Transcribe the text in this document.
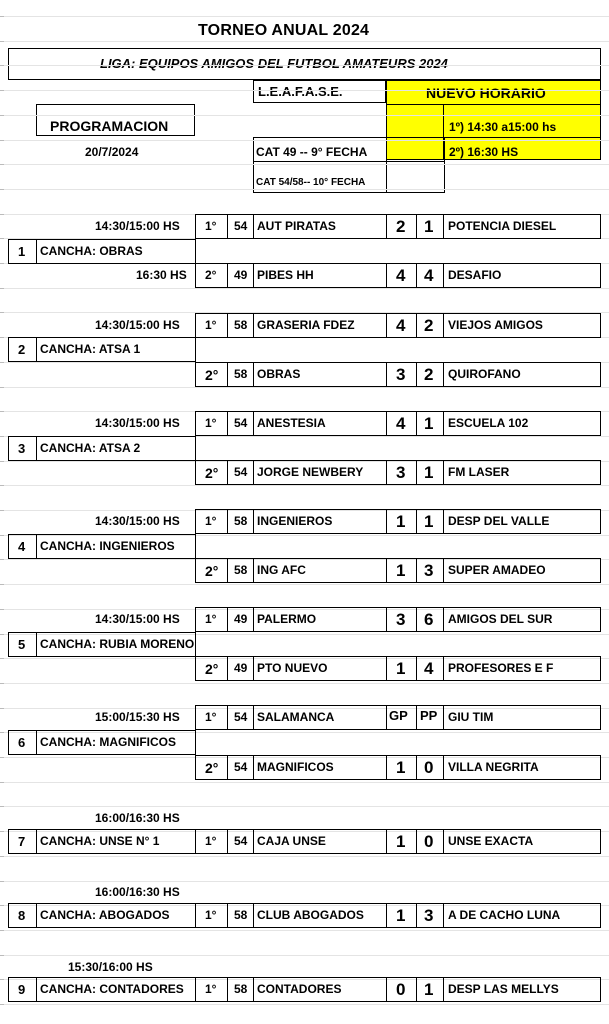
TORNEO ANUAL 2024
LIGA: EQUIPOS AMIGOS DEL FUTBOL AMATEURS 2024
L.E.A.F.A.S.E.	NUEVO HORARIO
1º) 14:30 a15:00 hs
2º) 16:30 HS
PROGRAMACION
20/7/2024	CAT 49 -- 9° FECHA
CAT 54/58-- 10° FECHA
14:30/15:00 HS
16:30 HS
1 CANCHA: OBRAS
1° 54 AUT PIRATAS	2 1 POTENCIA DIESEL
2° 49 PIBES HH	4 4 DESAFIO
14:30/15:00 HS
2 CANCHA: ATSA 1
1° 58 GRASERIA FDEZ 4 2 VIEJOS AMIGOS
2° 58 OBRAS	3 2 QUIROFANO
14:30/15:00 HS
3 CANCHA: ATSA 2
1° 54 ANESTESIA	4 1 ESCUELA 102
2° 54 JORGE NEWBERY 3 1 FM LASER
14:30/15:00 HS
4 CANCHA: INGENIEROS
1° 58 INGENIEROS	1 1 DESP DEL VALLE
2° 58 ING AFC	1 3 SUPER AMADEO
14:30/15:00 HS
5 CANCHA: RUBIA MORENO
1° 49 PALERMO	3 6 AMIGOS DEL SUR
2° 49 PTO NUEVO	1 4 PROFESORES E F
15:00/15:30 HS
6 CANCHA: MAGNIFICOS
1° 54 SALAMANCA	GP PP GIU TIM
2° 54 MAGNIFICOS	1 0 VILLA NEGRITA
16:00/16:30 HS
7 CANCHA: UNSE N° 1	1° 54 CAJA UNSE	1 0 UNSE EXACTA
16:00/16:30 HS
8 CANCHA: ABOGADOS	1° 58 CLUB ABOGADOS 1 3 A DE CACHO LUNA
15:30/16:00 HS
9 CANCHA: CONTADORES 1° 58 CONTADORES	0 1 DESP LAS MELLYS
